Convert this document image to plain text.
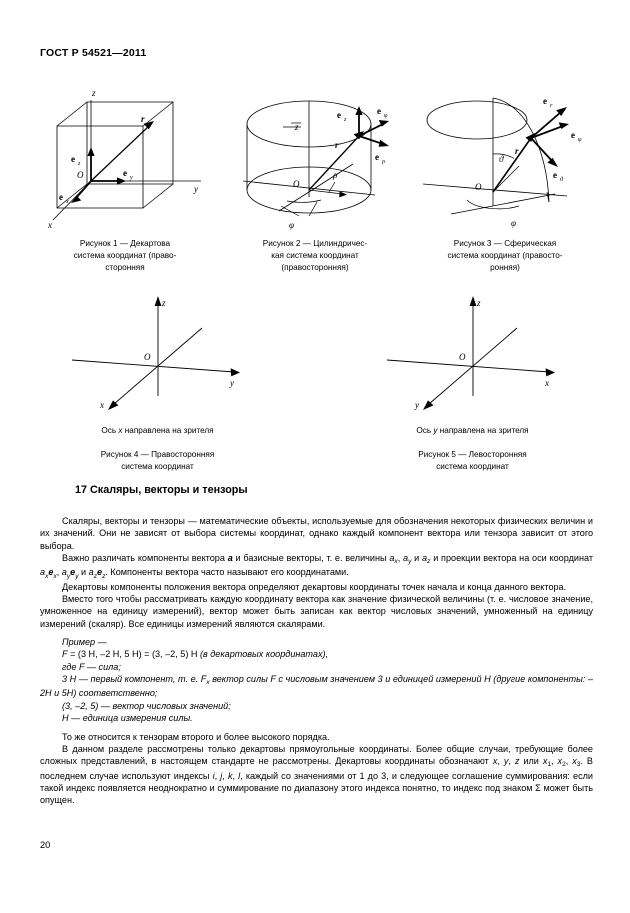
ГОСТ Р 54521—2011
z
y
x
O
r
e z
e y
e x
Рисунок 1 — Декартова
система координат (право-
сторонняя
z
O
ρ
φ
r
e z
e φ
e ρ
Рисунок 2 — Цилиндричес-
кая система координат
(правосторонняя)
O
ϑ
φ
r
e r
e φ
e ϑ
Рисунок 3 — Сферическая
система координат (правосто-
ронняя)
z
y
x
O
Ось x направлена на зрителя
Рисунок 4 — Правосторонняя
система координат
z
x
y
O
Ось y направлена на зрителя
Рисунок 5 — Левосторонняя
система координат
17 Скаляры, векторы и тензоры

Скаляры, векторы и тензоры — математические объекты, используемые для обозначения некоторых физических величин и их значений. Они не зависят от выбора системы координат, однако каждый компонент вектора или тензора зависит от этого выбора.

Важно различать компоненты вектора a и базисные векторы, т. е. величины $a_x$, $a_y$ и $a_z$ и проекции вектора на оси координат $a_xe_x$, $a_ye_y$ и $a_ze_z$. Компоненты вектора часто называют его координатами.

Декартовы компоненты положения вектора определяют декартовы координаты точек начала и конца данного вектора.

Вместо того чтобы рассматривать каждую координату вектора как значение физической величины (т. е. числовое значение, умноженное на единицу измерений), вектор может быть записан как вектор числовых значений, умноженный на единицу измерений (скаляр). Все единицы измерений являются скалярами.

Пример —

F = (3 Н, –2 Н, 5 Н) = (3, –2, 5) Н (в декартовых координатах),

где F — сила;

3 Н — первый компонент, т. е. $F_x$ вектор силы F с числовым значением 3 и единицей измерений Н (другие компоненты: –2Н и 5Н) соответственно;

(3, –2, 5) — вектор числовых значений;

Н — единица измерения силы.

То же относится к тензорам второго и более высокого порядка.

В данном разделе рассмотрены только декартовы прямоугольные координаты. Более общие случаи, требующие более сложных представлений, в настоящем стандарте не рассмотрены. Декартовы координаты обозначают x, y, z или $x_1$, $x_2$, $x_3$. В последнем случае используют индексы i, j, k, l, каждый со значениями от 1 до 3, и следующее соглашение суммирования: если такой индекс появляется неоднократно и суммирование по диапазону этого индекса понятно, то индекс под знаком Σ может быть опущен.

20
